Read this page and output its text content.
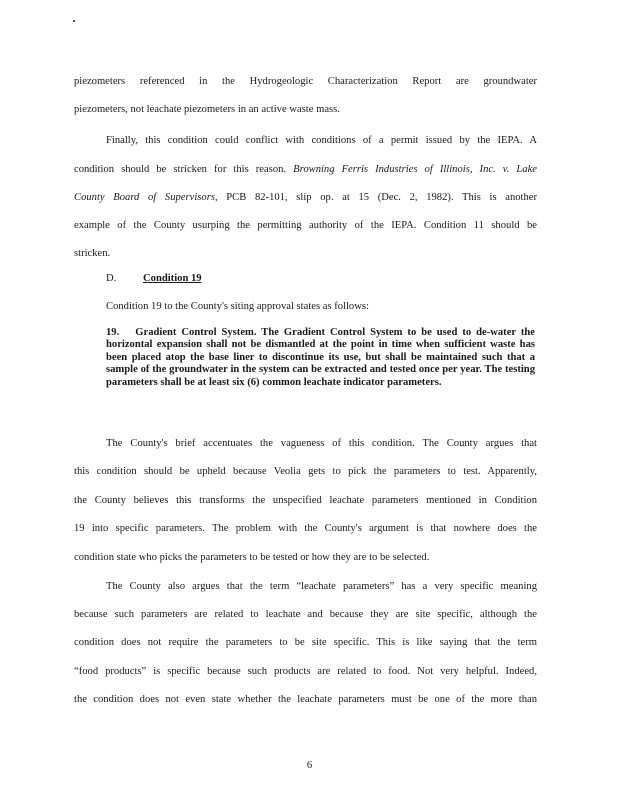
piezometers referenced in the Hydrogeologic Characterization Report are groundwater
piezometers, not leachate piezometers in an active waste mass.
Finally, this condition could conflict with conditions of a permit issued by the IEPA. A
condition should be stricken for this reason. Browning Ferris Industries of Illinois, Inc. v. Lake
County Board of Supervisors, PCB 82-101, slip op. at 15 (Dec. 2, 1982). This is another
example of the County usurping the permitting authority of the IEPA. Condition 11 should be
stricken.
D.	Condition 19
Condition 19 to the County's siting approval states as follows:

19. Gradient Control System. The Gradient Control System to be used to de-water the horizontal expansion shall not be dismantled at the point in time when sufficient waste has been placed atop the base liner to discontinue its use, but shall be maintained such that a sample of the groundwater in the system can be extracted and tested once per year. The testing parameters shall be at least six (6) common leachate indicator parameters.

The County's brief accentuates the vagueness of this condition. The County argues that
this condition should be upheld because Veolia gets to pick the parameters to test. Apparently,
the County believes this transforms the unspecified leachate parameters mentioned in Condition
19 into specific parameters. The problem with the County's argument is that nowhere does the
condition state who picks the parameters to be tested or how they are to be selected.
The County also argues that the term “leachate parameters” has a very specific meaning
because such parameters are related to leachate and because they are site specific, although the
condition does not require the parameters to be site specific. This is like saying that the term
“food products” is specific because such products are related to food. Not very helpful. Indeed,
the condition does not even state whether the leachate parameters must be one of the more than
6
